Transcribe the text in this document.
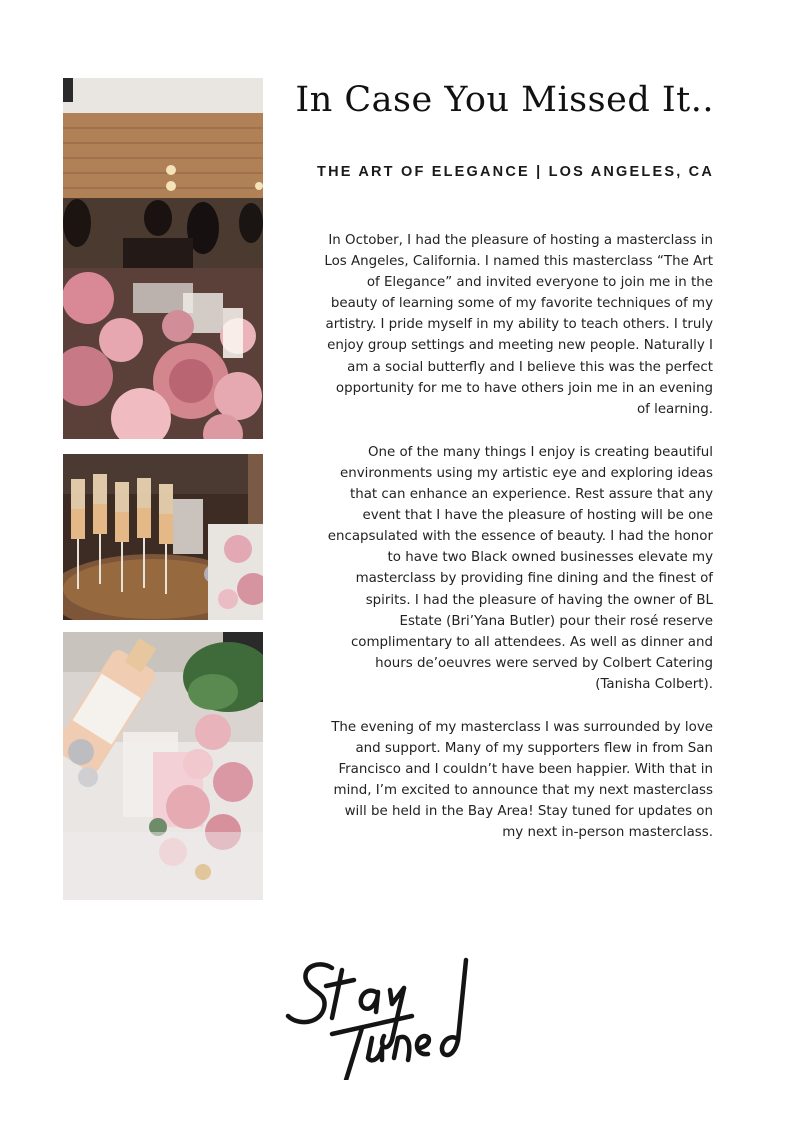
In Case You Missed It..
THE ART OF ELEGANCE | LOS ANGELES, CA

In October, I had the pleasure of hosting a masterclass in Los Angeles, California. I named this masterclass “The Art of Elegance” and invited everyone to join me in the beauty of learning some of my favorite techniques of my artistry. I pride myself in my ability to teach others. I truly enjoy group settings and meeting new people. Naturally I am a social butterfly and I believe this was the perfect opportunity for me to have others join me in an evening of learning.

One of the many things I enjoy is creating beautiful environments using my artistic eye and exploring ideas that can enhance an experience. Rest assure that any event that I have the pleasure of hosting will be one encapsulated with the essence of beauty. I had the honor to have two Black owned businesses elevate my masterclass by providing fine dining and the finest of spirits. I had the pleasure of having the owner of BL Estate (Bri’Yana Butler) pour their rosé reserve complimentary to all attendees. As well as dinner and hours de’oeuvres were served by Colbert Catering (Tanisha Colbert).

The evening of my masterclass I was surrounded by love and support. Many of my supporters flew in from San Francisco and I couldn’t have been happier. With that in mind, I’m excited to announce that my next masterclass will be held in the Bay Area! Stay tuned for updates on my next in-person masterclass.
